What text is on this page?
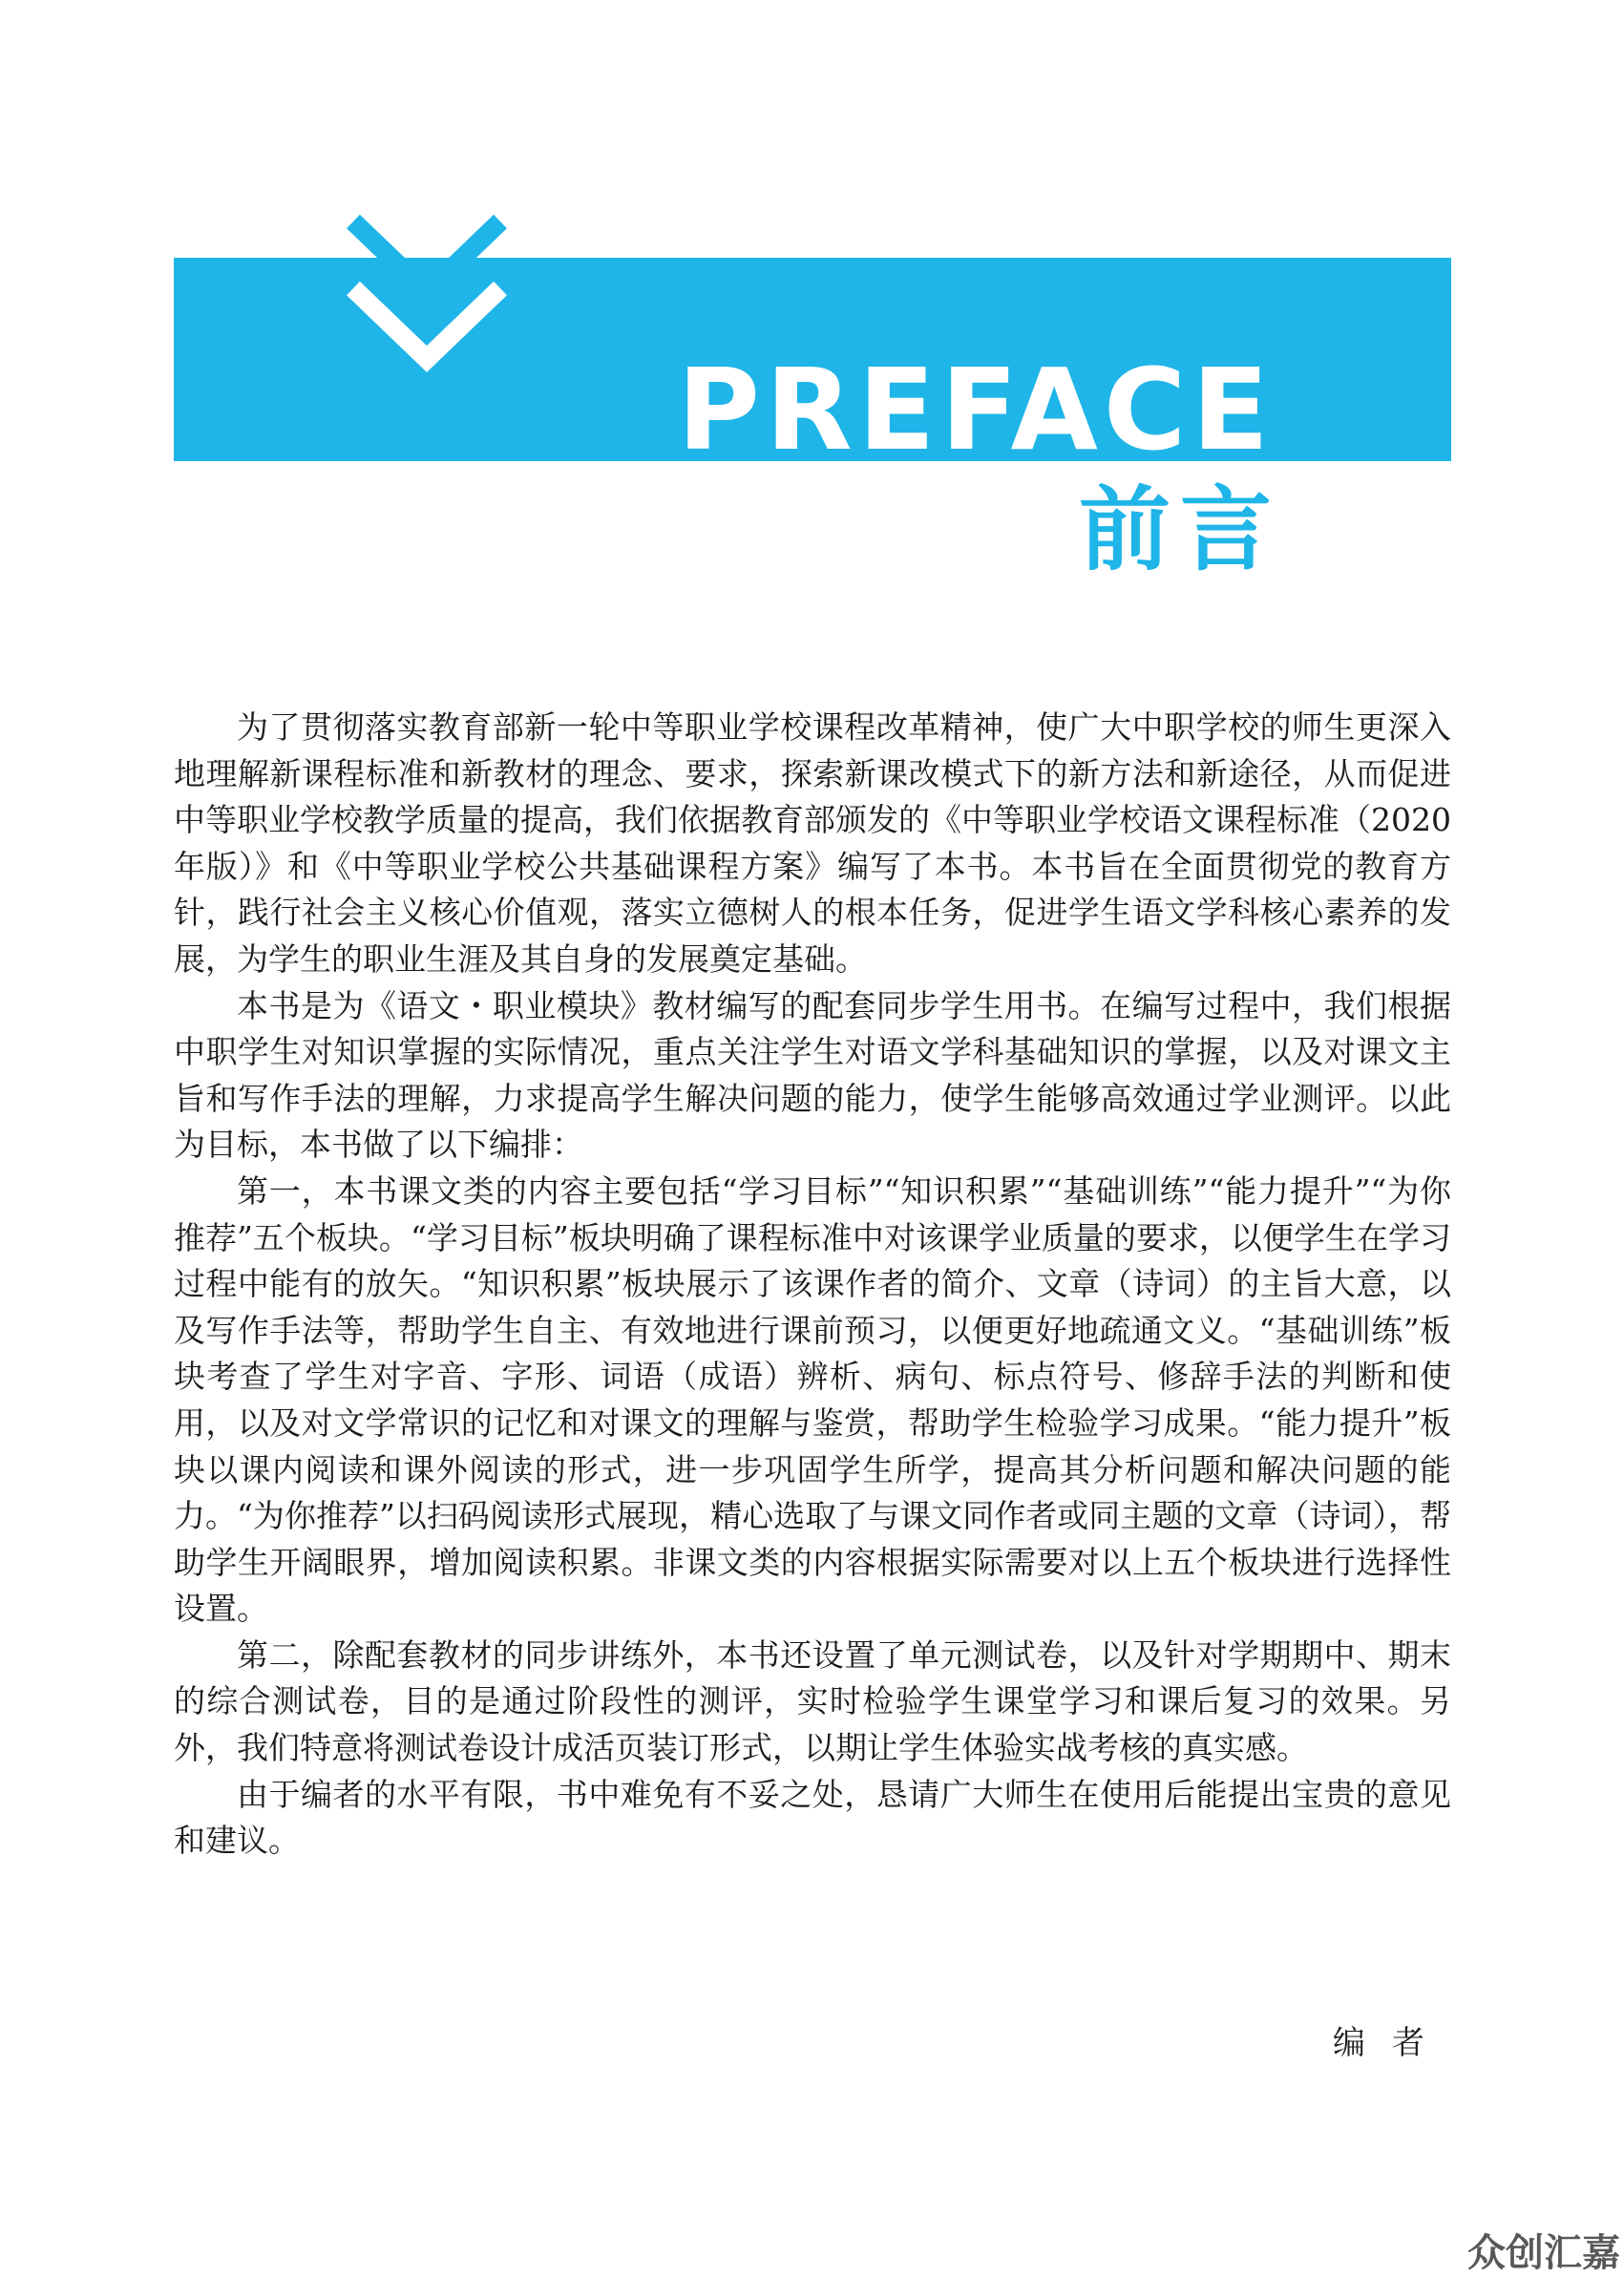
PREFACE
前言

为了贯彻落实教育部新一轮中等职业学校课程改革精神，使广大中职学校的师生更深入地理解新课程标准和新教材的理念、要求，探索新课改模式下的新方法和新途径，从而促进中等职业学校教学质量的提高，我们依据教育部颁发的《中等职业学校语文课程标准（2020年版）》和《中等职业学校公共基础课程方案》编写了本书。本书旨在全面贯彻党的教育方针，践行社会主义核心价值观，落实立德树人的根本任务，促进学生语文学科核心素养的发展，为学生的职业生涯及其自身的发展奠定基础。

本书是为《语文・职业模块》教材编写的配套同步学生用书。在编写过程中，我们根据中职学生对知识掌握的实际情况，重点关注学生对语文学科基础知识的掌握，以及对课文主旨和写作手法的理解，力求提高学生解决问题的能力，使学生能够高效通过学业测评。以此为目标，本书做了以下编排：

第一，本书课文类的内容主要包括“学习目标”“知识积累”“基础训练”“能力提升”“为你推荐”五个板块。“学习目标”板块明确了课程标准中对该课学业质量的要求，以便学生在学习过程中能有的放矢。“知识积累”板块展示了该课作者的简介、文章（诗词）的主旨大意，以及写作手法等，帮助学生自主、有效地进行课前预习，以便更好地疏通文义。“基础训练”板块考查了学生对字音、字形、词语（成语）辨析、病句、标点符号、修辞手法的判断和使用，以及对文学常识的记忆和对课文的理解与鉴赏，帮助学生检验学习成果。“能力提升”板块以课内阅读和课外阅读的形式，进一步巩固学生所学，提高其分析问题和解决问题的能力。“为你推荐”以扫码阅读形式展现，精心选取了与课文同作者或同主题的文章（诗词），帮助学生开阔眼界，增加阅读积累。非课文类的内容根据实际需要对以上五个板块进行选择性设置。

第二，除配套教材的同步讲练外，本书还设置了单元测试卷，以及针对学期期中、期末的综合测试卷，目的是通过阶段性的测评，实时检验学生课堂学习和课后复习的效果。另外，我们特意将测试卷设计成活页装订形式，以期让学生体验实战考核的真实感。

由于编者的水平有限，书中难免有不妥之处，恳请广大师生在使用后能提出宝贵的意见和建议。

编者
众创汇嘉
